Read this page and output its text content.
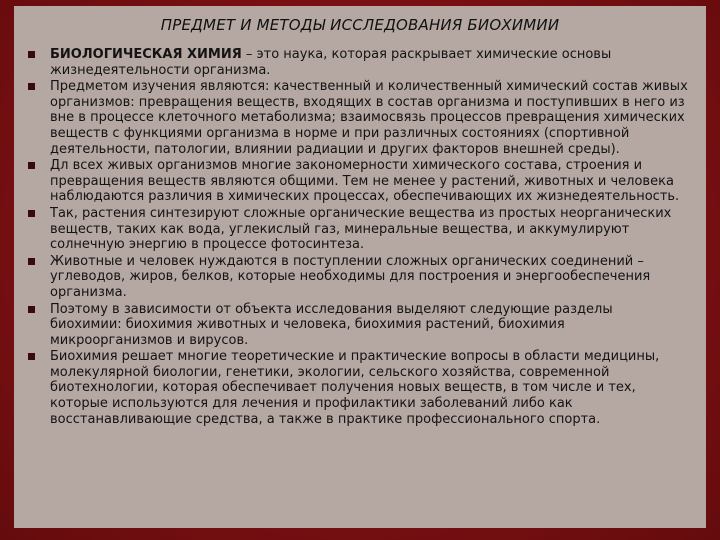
ПРЕДМЕТ И МЕТОДЫ ИССЛЕДОВАНИЯ БИОХИМИИ
БИОЛОГИЧЕСКАЯ ХИМИЯ – это наука, которая раскрывает химические основы жизнедеятельности организма.
Предметом изучения являются: качественный и количественный химический состав живых организмов: превращения веществ, входящих в состав организма и поступивших в него из вне в процессе клеточного метаболизма; взаимосвязь процессов превращения химических веществ с функциями организма в норме и при различных состояниях (спортивной деятельности, патологии, влиянии радиации и других факторов внешней среды).
Дл всех живых организмов многие закономерности химического состава, строения и превращения веществ являются общими. Тем не менее у растений, животных и человека наблюдаются различия в химических процессах, обеспечивающих их жизнедеятельность.
Так, растения синтезируют сложные органические вещества из простых неорганических веществ, таких как вода, углекислый газ, минеральные вещества, и аккумулируют солнечную энергию в процессе фотосинтеза.
Животные и человек нуждаются в поступлении сложных органических соединений – углеводов, жиров, белков, которые необходимы для построения и энергообеспечения организма.
Поэтому в зависимости от объекта исследования выделяют следующие разделы биохимии: биохимия животных и человека, биохимия растений, биохимия микроорганизмов и вирусов.
Биохимия решает многие теоретические и практические вопросы в области медицины, молекулярной биологии, генетики, экологии, сельского хозяйства, современной биотехнологии, которая обеспечивает получения новых веществ, в том числе и тех, которые используются для лечения и профилактики заболеваний либо как восстанавливающие средства, а также в практике профессионального спорта.
